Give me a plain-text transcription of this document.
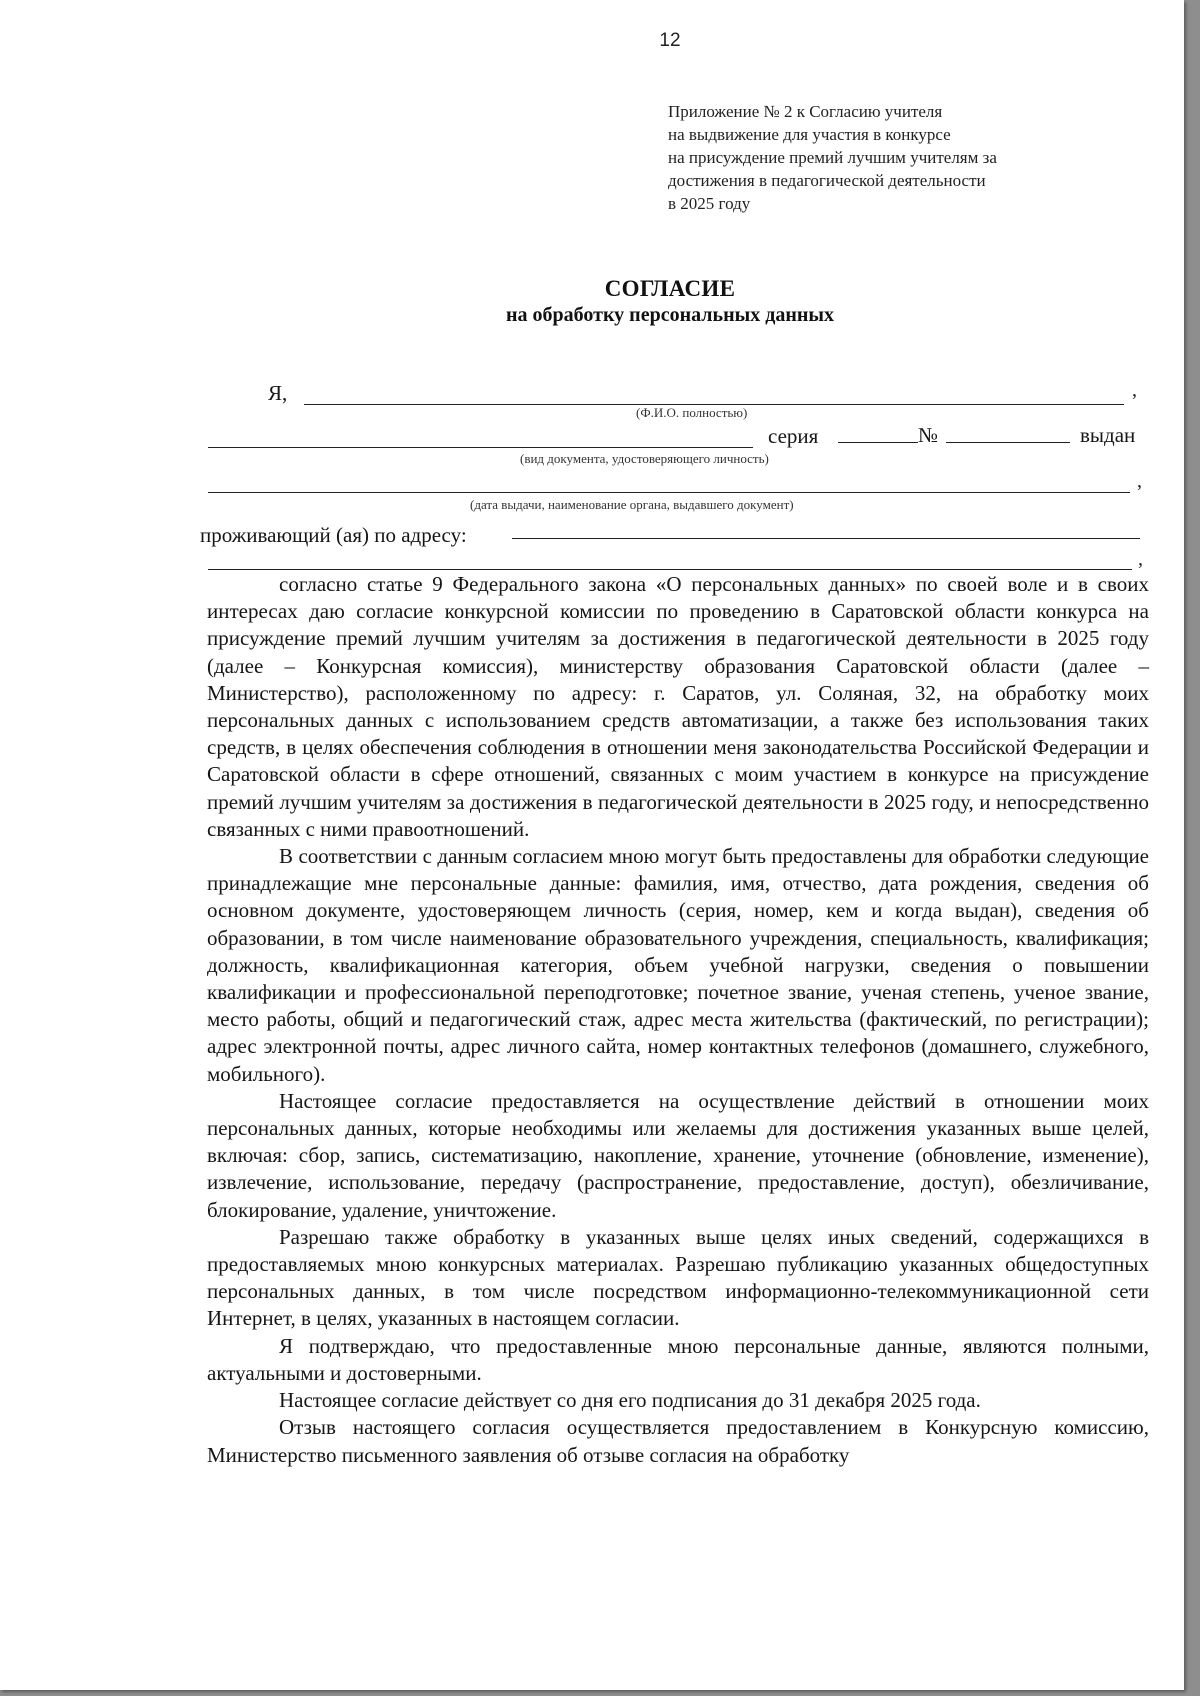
12
Приложение № 2 к Согласию учителя
на выдвижение для участия в конкурсе
на присуждение премий лучшим учителям за
достижения в педагогической деятельности
в 2025 году
СОГЛАСИЕ
на обработку персональных данных
Я,	,
(Ф.И.О. полностью)
серия	№	выдан
(вид документа, удостоверяющего личность)
,
(дата выдачи, наименование органа, выдавшего документ)
проживающий (ая) по адресу:
,

согласно статье 9 Федерального закона «О персональных данных» по своей воле и в своих интересах даю согласие конкурсной комиссии по проведению в Саратовской области конкурса на присуждение премий лучшим учителям за достижения в педагогической деятельности в 2025 году (далее – Конкурсная комиссия), министерству образования Саратовской области (далее – Министерство), расположенному по адресу: г. Саратов, ул. Соляная, 32, на обработку моих персональных данных с использованием средств автоматизации, а также без использования таких средств, в целях обеспечения соблюдения в отношении меня законодательства Российской Федерации и Саратовской области в сфере отношений, связанных с моим участием в конкурсе на присуждение премий лучшим учителям за достижения в педагогической деятельности в 2025 году, и непосредственно связанных с ними правоотношений.

В соответствии с данным согласием мною могут быть предоставлены для обработки следующие принадлежащие мне персональные данные: фамилия, имя, отчество, дата рождения, сведения об основном документе, удостоверяющем личность (серия, номер, кем и когда выдан), сведения об образовании, в том числе наименование образовательного учреждения, специальность, квалификация; должность, квалификационная категория, объем учебной нагрузки, сведения о повышении квалификации и профессиональной переподготовке; почетное звание, ученая степень, ученое звание, место работы, общий и педагогический стаж, адрес места жительства (фактический, по регистрации); адрес электронной почты, адрес личного сайта, номер контактных телефонов (домашнего, служебного, мобильного).

Настоящее согласие предоставляется на осуществление действий в отношении моих персональных данных, которые необходимы или желаемы для достижения указанных выше целей, включая: сбор, запись, систематизацию, накопление, хранение, уточнение (обновление, изменение), извлечение, использование, передачу (распространение, предоставление, доступ), обезличивание, блокирование, удаление, уничтожение.

Разрешаю также обработку в указанных выше целях иных сведений, содержащихся в предоставляемых мною конкурсных материалах. Разрешаю публикацию указанных общедоступных персональных данных, в том числе посредством информационно-телекоммуникационной сети Интернет, в целях, указанных в настоящем согласии.

Я подтверждаю, что предоставленные мною персональные данные, являются полными, актуальными и достоверными.

Настоящее согласие действует со дня его подписания до 31 декабря 2025 года.

Отзыв настоящего согласия осуществляется предоставлением в Конкурсную комиссию, Министерство письменного заявления об отзыве согласия на обработку
